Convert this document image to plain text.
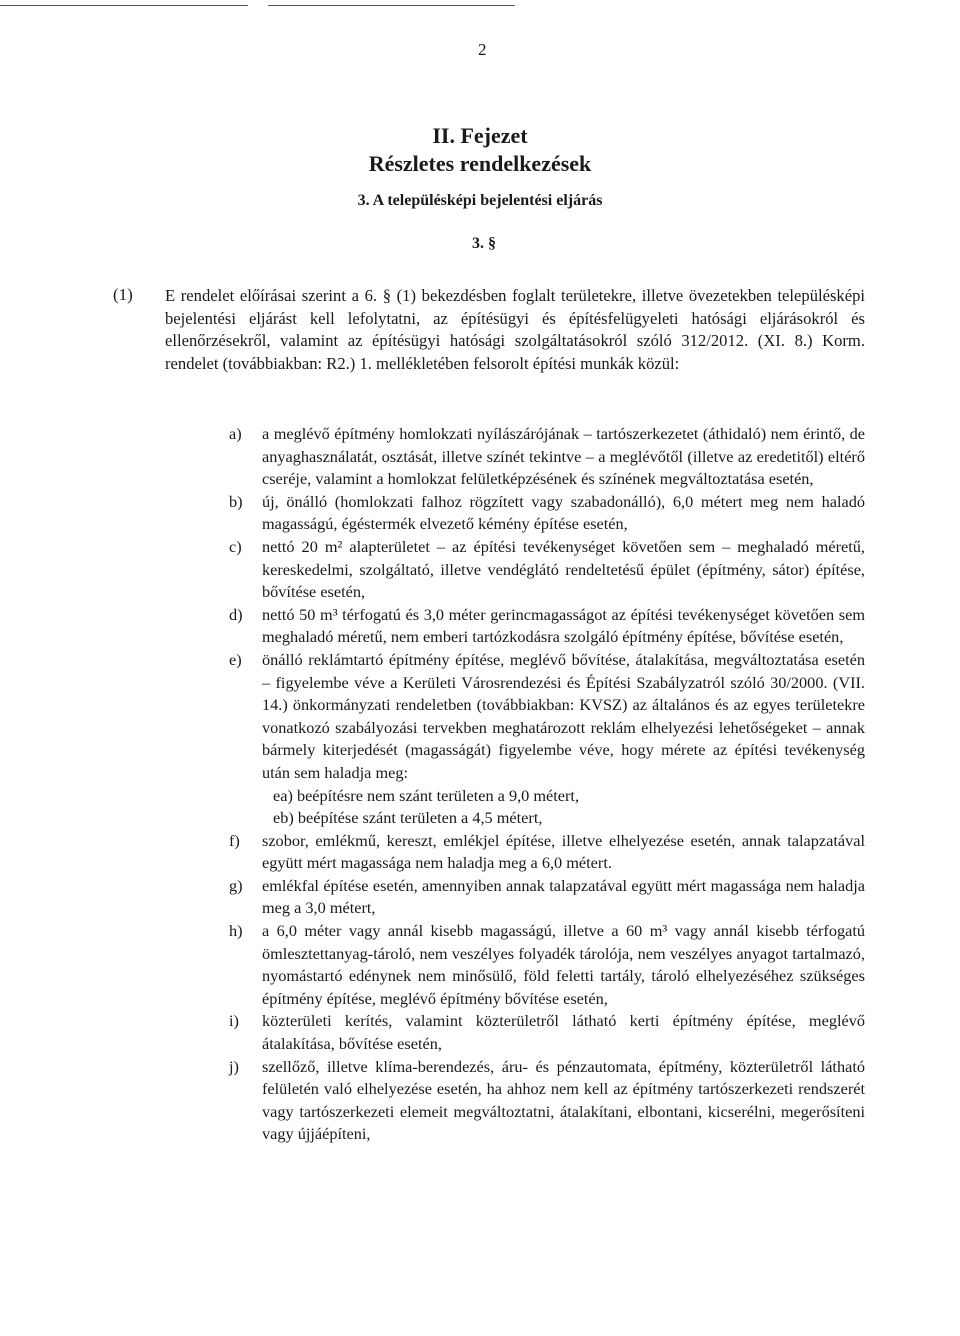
2

II. Fejezet

Részletes rendelkezések

3. A településképi bejelentési eljárás

3. §

(1) E rendelet előírásai szerint a 6. § (1) bekezdésben foglalt területekre, illetve övezetekben településképi bejelentési eljárást kell lefolytatni, az építésügyi és építésfelügyeleti hatósági eljárásokról és ellenőrzésekről, valamint az építésügyi hatósági szolgáltatásokról szóló 312/2012. (XI. 8.) Korm. rendelet (továbbiakban: R2.) 1. mellékletében felsorolt építési munkák közül:

a)	a meglévő építmény homlokzati nyílászárójának – tartószerkezetet (áthidaló) nem érintő, de anyaghasználatát, osztását, illetve színét tekintve – a meglévőtől (illetve az eredetitől) eltérő cseréje, valamint a homlokzat felületképzésének és színének megváltoztatása esetén,
b)	új, önálló (homlokzati falhoz rögzített vagy szabadonálló), 6,0 métert meg nem haladó magasságú, égéstermék elvezető kémény építése esetén,
c)	nettó 20 m² alapterületet – az építési tevékenységet követően sem – meghaladó méretű, kereskedelmi, szolgáltató, illetve vendéglátó rendeltetésű épület (építmény, sátor) építése, bővítése esetén,
d)	nettó 50 m³ térfogatú és 3,0 méter gerincmagasságot az építési tevékenységet követően sem meghaladó méretű, nem emberi tartózkodásra szolgáló építmény építése, bővítése esetén,
e)	önálló reklámtartó építmény építése, meglévő bővítése, átalakítása, megváltoztatása esetén – figyelembe véve a Kerületi Városrendezési és Építési Szabályzatról szóló 30/2000. (VII. 14.) önkormányzati rendeletben (továbbiakban: KVSZ) az általános és az egyes területekre vonatkozó szabályozási tervekben meghatározott reklám elhelyezési lehetőségeket – annak bármely kiterjedését (magasságát) figyelembe véve, hogy mérete az építési tevékenység után sem haladja meg:
ea) beépítésre nem szánt területen a 9,0 métert,
eb) beépítése szánt területen a 4,5 métert,
f)	szobor, emlékmű, kereszt, emlékjel építése, illetve elhelyezése esetén, annak talapzatával együtt mért magassága nem haladja meg a 6,0 métert.
g)	emlékfal építése esetén, amennyiben annak talapzatával együtt mért magassága nem haladja meg a 3,0 métert,
h)	a 6,0 méter vagy annál kisebb magasságú, illetve a 60 m³ vagy annál kisebb térfogatú ömlesztettanyag-tároló, nem veszélyes folyadék tárolója, nem veszélyes anyagot tartalmazó, nyomástartó edénynek nem minősülő, föld feletti tartály, tároló elhelyezéséhez szükséges építmény építése, meglévő építmény bővítése esetén,
i)	közterületi kerítés, valamint közterületről látható kerti építmény építése, meglévő átalakítása, bővítése esetén,
j)	szellőző, illetve klíma-berendezés, áru- és pénzautomata, építmény, közterületről látható felületén való elhelyezése esetén, ha ahhoz nem kell az építmény tartószerkezeti rendszerét vagy tartószerkezeti elemeit megváltoztatni, átalakítani, elbontani, kicserélni, megerősíteni vagy újjáépíteni,
